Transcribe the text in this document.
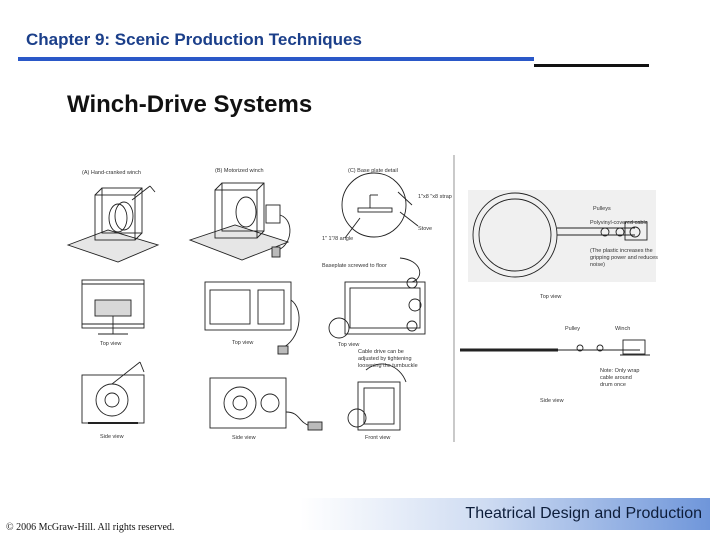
Chapter 9: Scenic Production Techniques
Winch-Drive Systems
(A) Hand-cranked winch	(B) Motorized winch	(C) Base plate detail
1"x8 "x8 strap
Stove
1" 1"/8 angle
Baseplate screwed to floor
Top view	Top view	Top view
Side view	Side view	Front view
Cable drive can be
adjusted by tightening
loosening the turnbuckle
Pulleys
Polyvinyl-covered cable
(The plastic increases the
gripping power and reduces
noise)
Top view
Pulley	Winch
Note: Only wrap
cable around
drum once
Side view
Theatrical Design and Production
© 2006 McGraw-Hill. All rights reserved.
